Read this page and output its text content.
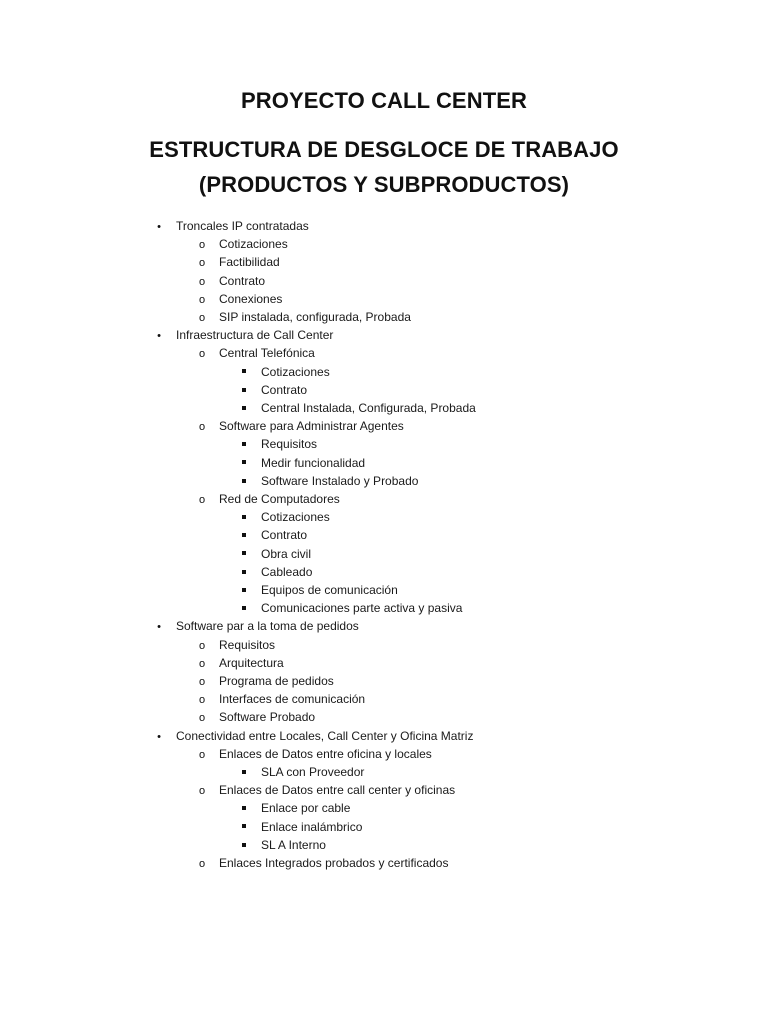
PROYECTO CALL CENTER
ESTRUCTURA DE DESGLOCE DE TRABAJO
(PRODUCTOS Y SUBPRODUCTOS)
•
Troncales IP contratadas
o
Cotizaciones
o
Factibilidad
o
Contrato
o
Conexiones
o
SIP instalada, configurada, Probada
•
Infraestructura de Call Center
o
Central Telefónica
Cotizaciones
Contrato
Central Instalada, Configurada, Probada
o
Software para Administrar Agentes
Requisitos
Medir funcionalidad
Software Instalado y Probado
o
Red de Computadores
Cotizaciones
Contrato
Obra civil
Cableado
Equipos de comunicación
Comunicaciones parte activa y pasiva
•
Software par a la toma de pedidos
o
Requisitos
o
Arquitectura
o
Programa de pedidos
o
Interfaces de comunicación
o
Software Probado
•
Conectividad entre Locales, Call Center y Oficina Matriz
o
Enlaces de Datos entre oficina y locales
SLA con Proveedor
o
Enlaces de Datos entre call center y oficinas
Enlace por cable
Enlace inalámbrico
SL A Interno
o
Enlaces Integrados probados y certificados
